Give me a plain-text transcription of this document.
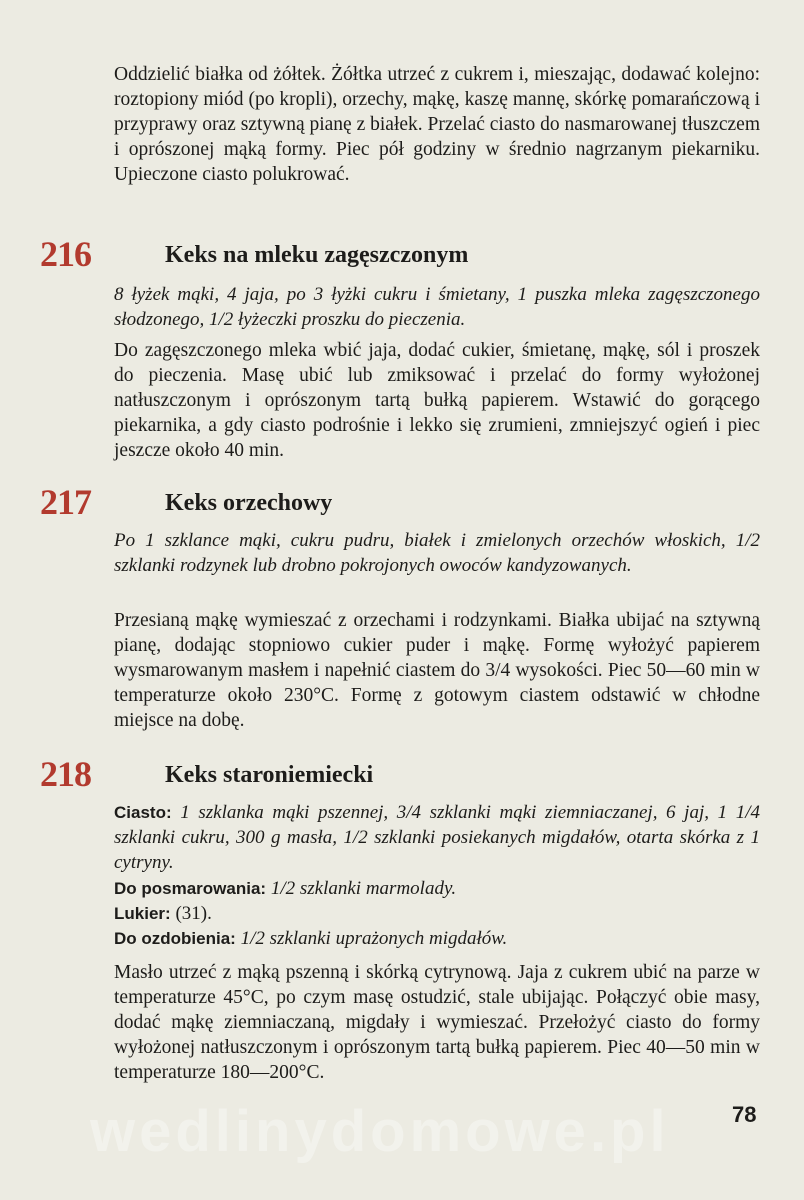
Oddzielić białka od żółtek. Żółtka utrzeć z cukrem i, mieszając, dodawać kolejno: roztopiony miód (po kropli), orzechy, mąkę, kaszę mannę, skórkę pomarańczową i przyprawy oraz sztywną pianę z białek. Przelać ciasto do nasmarowanej tłuszczem i oprószonej mąką formy. Piec pół godziny w średnio nagrzanym piekarniku. Upieczone ciasto polukrować.
216	Keks na mleku zagęszczonym
8 łyżek mąki, 4 jaja, po 3 łyżki cukru i śmietany, 1 puszka mleka zagęszczonego słodzonego, 1/2 łyżeczki proszku do pieczenia.
Do zagęszczonego mleka wbić jaja, dodać cukier, śmietanę, mąkę, sól i proszek do pieczenia. Masę ubić lub zmiksować i przelać do formy wyłożonej natłuszczonym i oprószonym tartą bułką papierem. Wstawić do gorącego piekarnika, a gdy ciasto podrośnie i lekko się zrumieni, zmniejszyć ogień i piec jeszcze około 40 min.
217	Keks orzechowy
Po 1 szklance mąki, cukru pudru, białek i zmielonych orzechów włoskich, 1/2 szklanki rodzynek lub drobno pokrojonych owoców kandyzowanych.
Przesianą mąkę wymieszać z orzechami i rodzynkami. Białka ubijać na sztywną pianę, dodając stopniowo cukier puder i mąkę. Formę wyłożyć papierem wysmarowanym masłem i napełnić ciastem do 3/4 wysokości. Piec 50—60 min w temperaturze około 230°C. Formę z gotowym ciastem odstawić w chłodne miejsce na dobę.
218	Keks staroniemiecki
Ciasto: 1 szklanka mąki pszennej, 3/4 szklanki mąki ziemniaczanej, 6 jaj, 1 1/4 szklanki cukru, 300 g masła, 1/2 szklanki posiekanych migdałów, otarta skórka z 1 cytryny.
Do posmarowania: 1/2 szklanki marmolady.
Lukier: (31).
Do ozdobienia: 1/2 szklanki uprażonych migdałów.
Masło utrzeć z mąką pszenną i skórką cytrynową. Jaja z cukrem ubić na parze w temperaturze 45°C, po czym masę ostudzić, stale ubijając. Połączyć obie masy, dodać mąkę ziemniaczaną, migdały i wymieszać. Przełożyć ciasto do formy wyłożonej natłuszczonym i oprószonym tartą bułką papierem. Piec 40—50 min w temperaturze 180—200°C.
wedlinydomowe.pl	78
